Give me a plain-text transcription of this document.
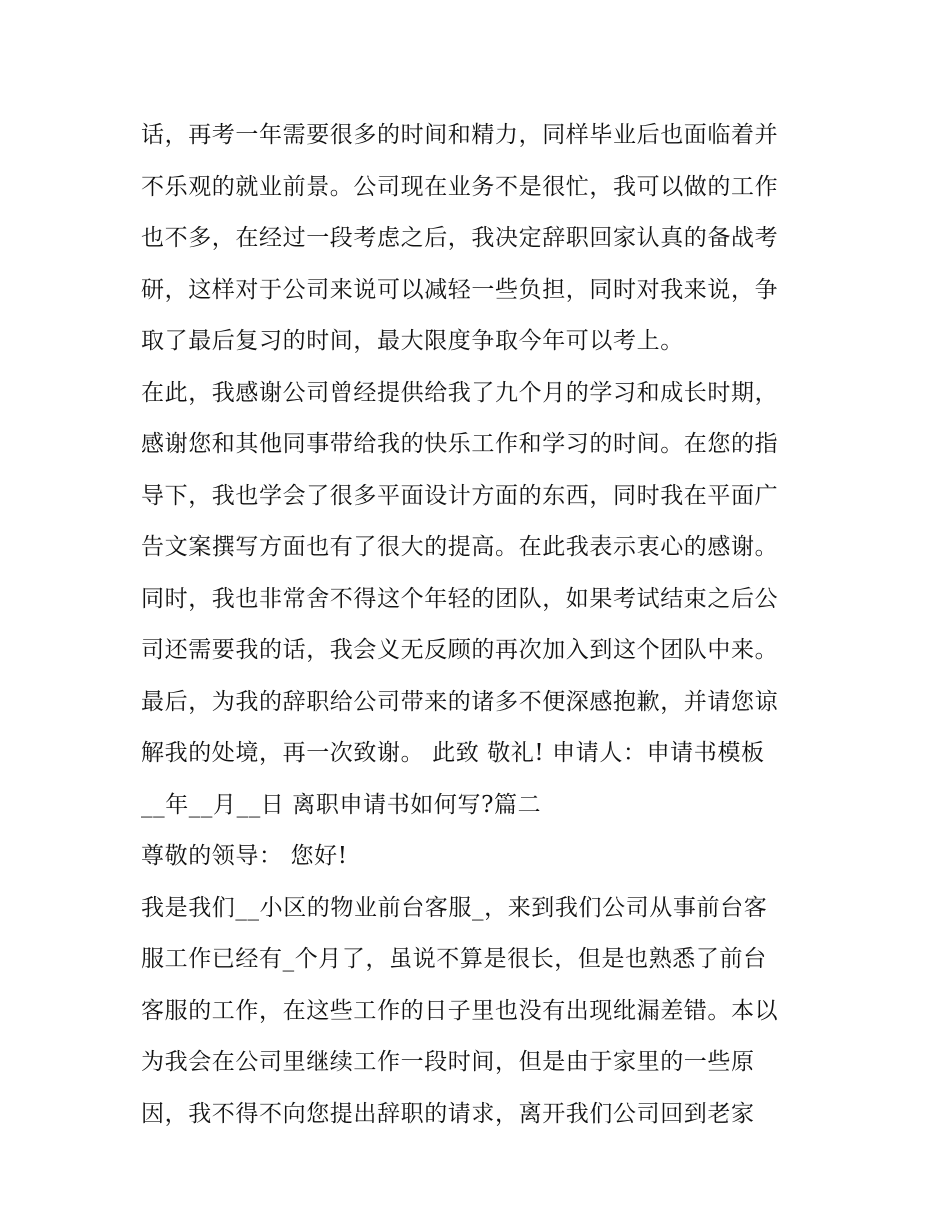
话，再考一年需要很多的时间和精力，同样毕业后也面临着并
不乐观的就业前景。公司现在业务不是很忙，我可以做的工作
也不多，在经过一段考虑之后，我决定辞职回家认真的备战考
研，这样对于公司来说可以减轻一些负担，同时对我来说，争
取了最后复习的时间，最大限度争取今年可以考上。
在此，我感谢公司曾经提供给我了九个月的学习和成长时期，
感谢您和其他同事带给我的快乐工作和学习的时间。在您的指
导下，我也学会了很多平面设计方面的东西，同时我在平面广
告文案撰写方面也有了很大的提高。在此我表示衷心的感谢。
同时，我也非常舍不得这个年轻的团队，如果考试结束之后公
司还需要我的话，我会义无反顾的再次加入到这个团队中来。
最后，为我的辞职给公司带来的诸多不便深感抱歉，并请您谅
解我的处境，再一次致谢。 此致 敬礼! 申请人：申请书模板
__年__月__日 离职申请书如何写?篇二
尊敬的领导： 您好!
我是我们__小区的物业前台客服_，来到我们公司从事前台客
服工作已经有_个月了，虽说不算是很长，但是也熟悉了前台
客服的工作，在这些工作的日子里也没有出现纰漏差错。本以
为我会在公司里继续工作一段时间，但是由于家里的一些原
因，我不得不向您提出辞职的请求，离开我们公司回到老家
